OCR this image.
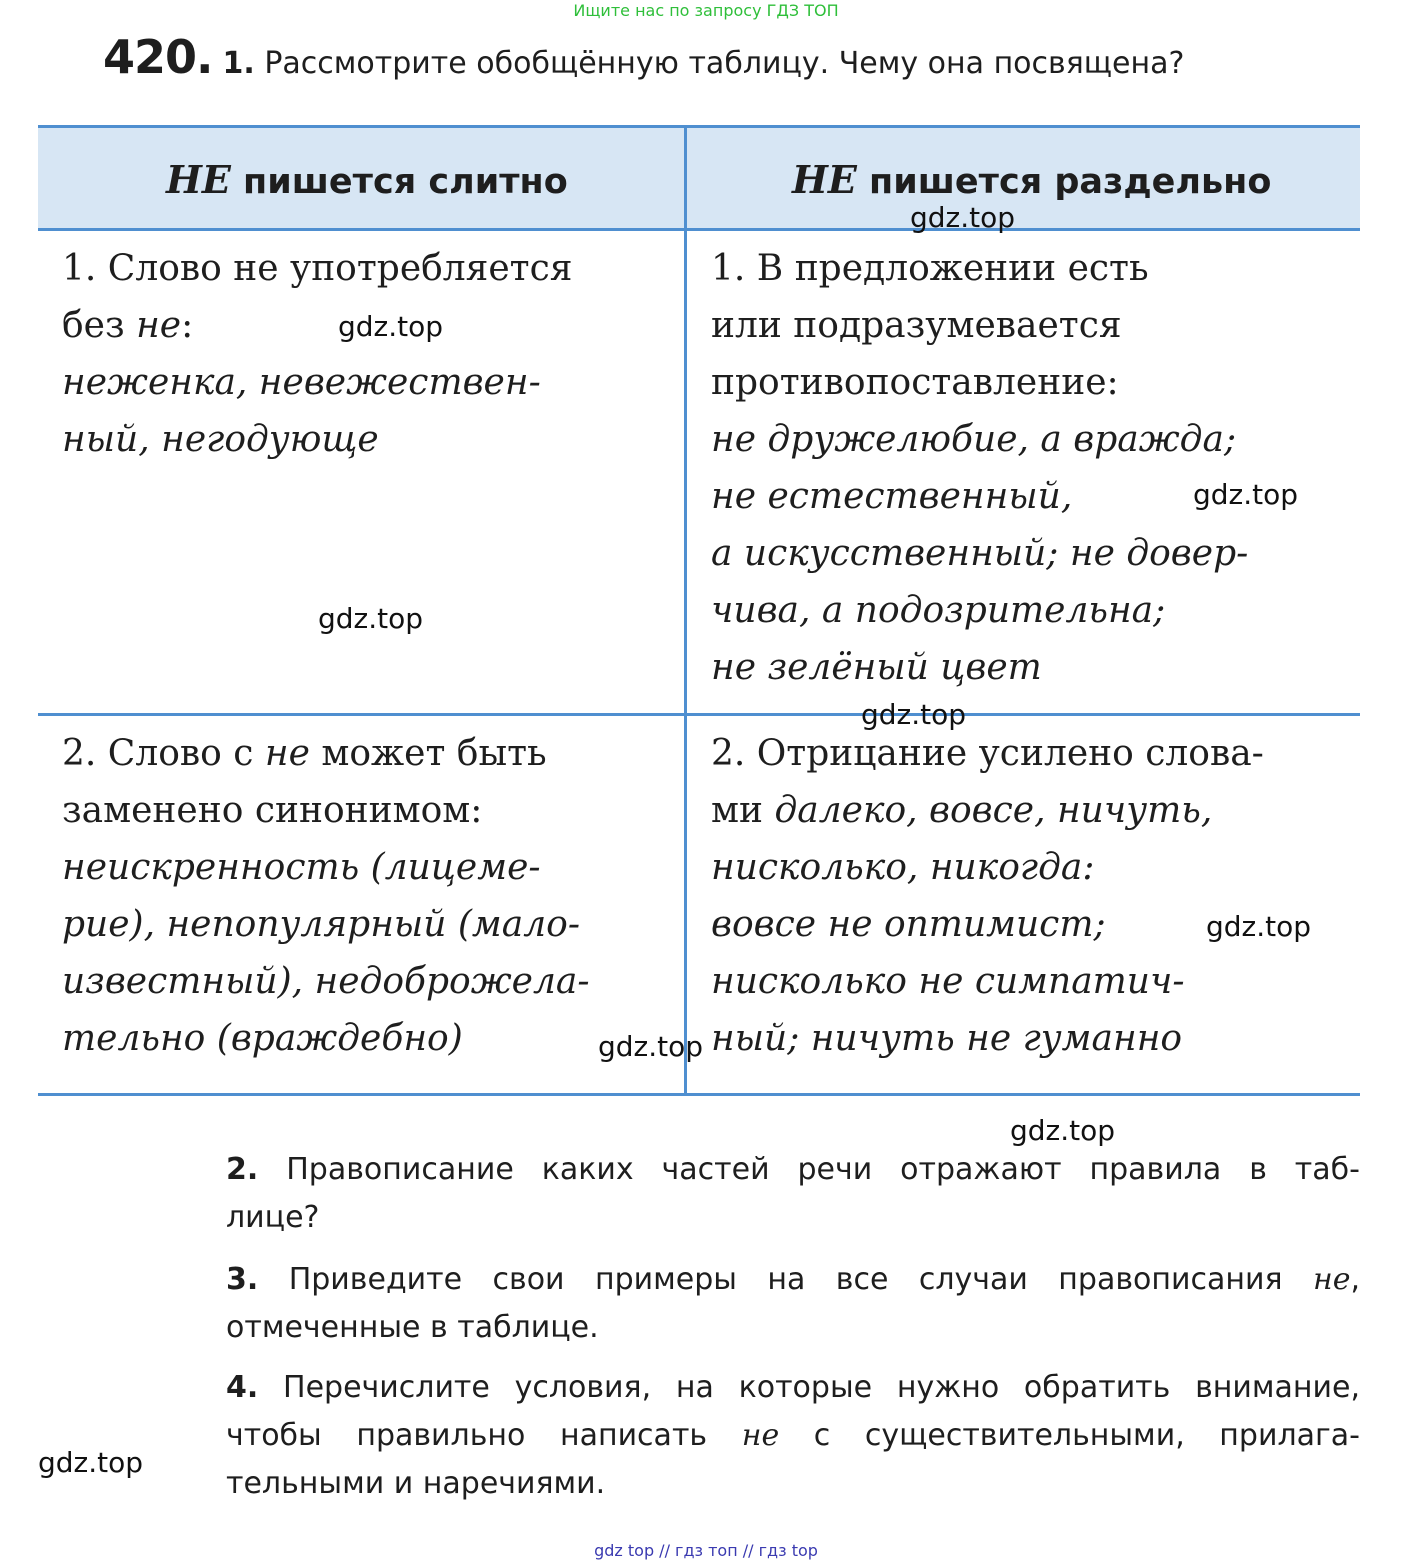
Ищите нас по запросу ГДЗ ТОП
420. 1. Рассмотрите обобщённую таблицу. Чему она посвящена?
НЕ пишется слитно	НЕ пишется раздельно
1. Слово не употребляется
без не:
неженка, невежествен-
ный, негодующе
1. В предложении есть
или подразумевается
противопоставление:
не дружелюбие, а вражда;
не естественный,
а искусственный; не довер-
чива, а подозрительна;
не зелёный цвет
2. Слово с не может быть
заменено синонимом:
неискренность (лицеме-
рие), непопулярный (мало-
известный), недоброжела-
тельно (враждебно)
2. Отрицание усилено слова-
ми далеко, вовсе, ничуть,
нисколько, никогда:
вовсе не оптимист;
нисколько не симпатич-
ный; ничуть не гуманно
2. Правописание каких частей речи отражают правила в таб-
лице?
3. Приведите свои примеры на все случаи правописания не,
отмеченные в таблице.
4. Перечислите условия, на которые нужно обратить внимание,
чтобы правильно написать не с существительными, прилага-
тельными и наречиями.
gdz.top
gdz.top
gdz.top
gdz.top
gdz.top
gdz.top
gdz.top
gdz.top
gdz.top
gdz top // гдз топ // гдз top
